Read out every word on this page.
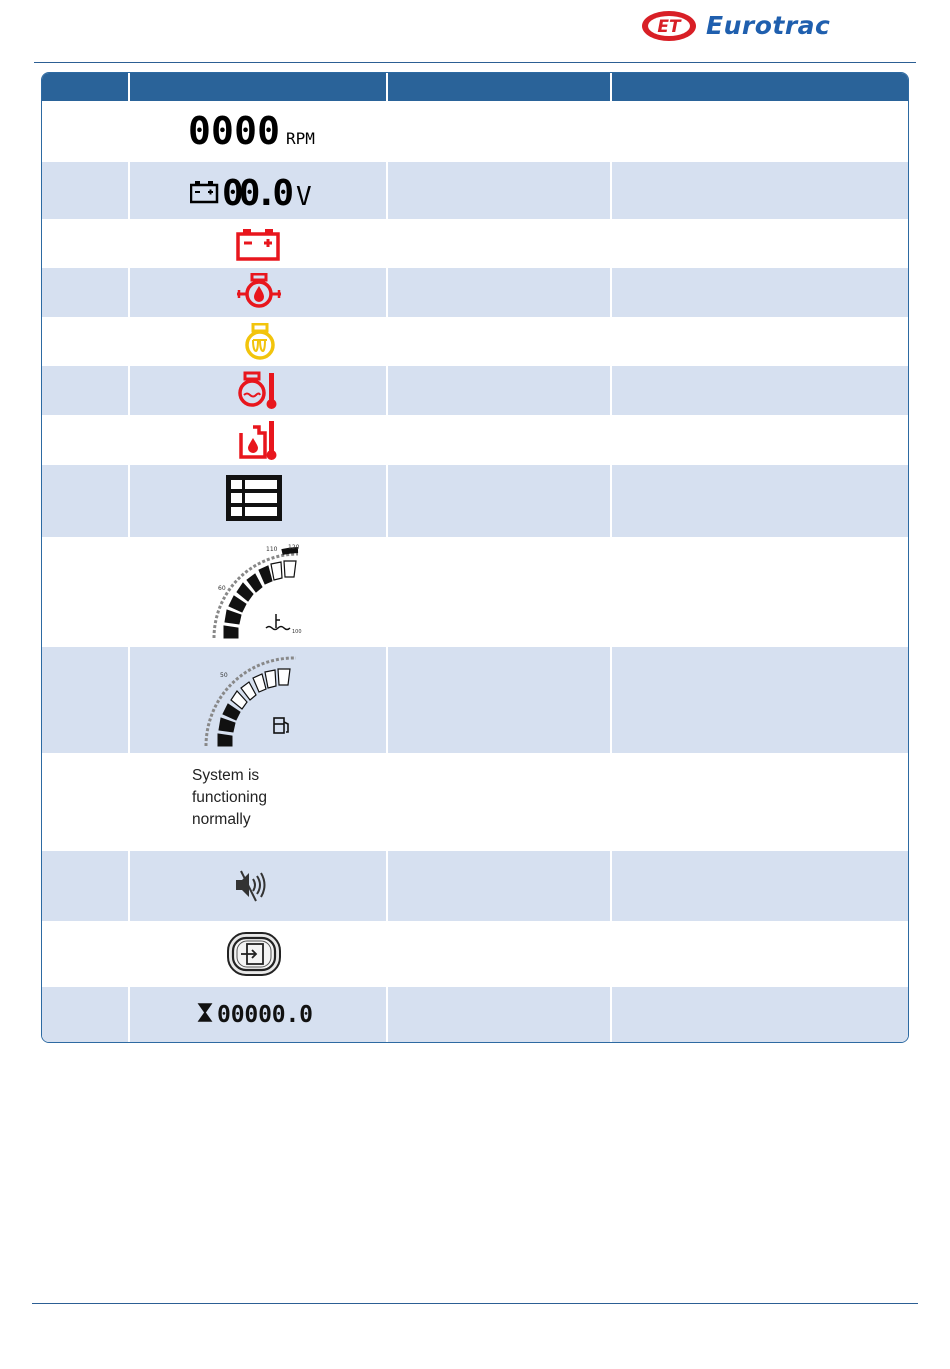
ET Eurotrac
0000 RPM
00.0 V
110 120
60
100
50
System is
functioning
normally
00000.0
